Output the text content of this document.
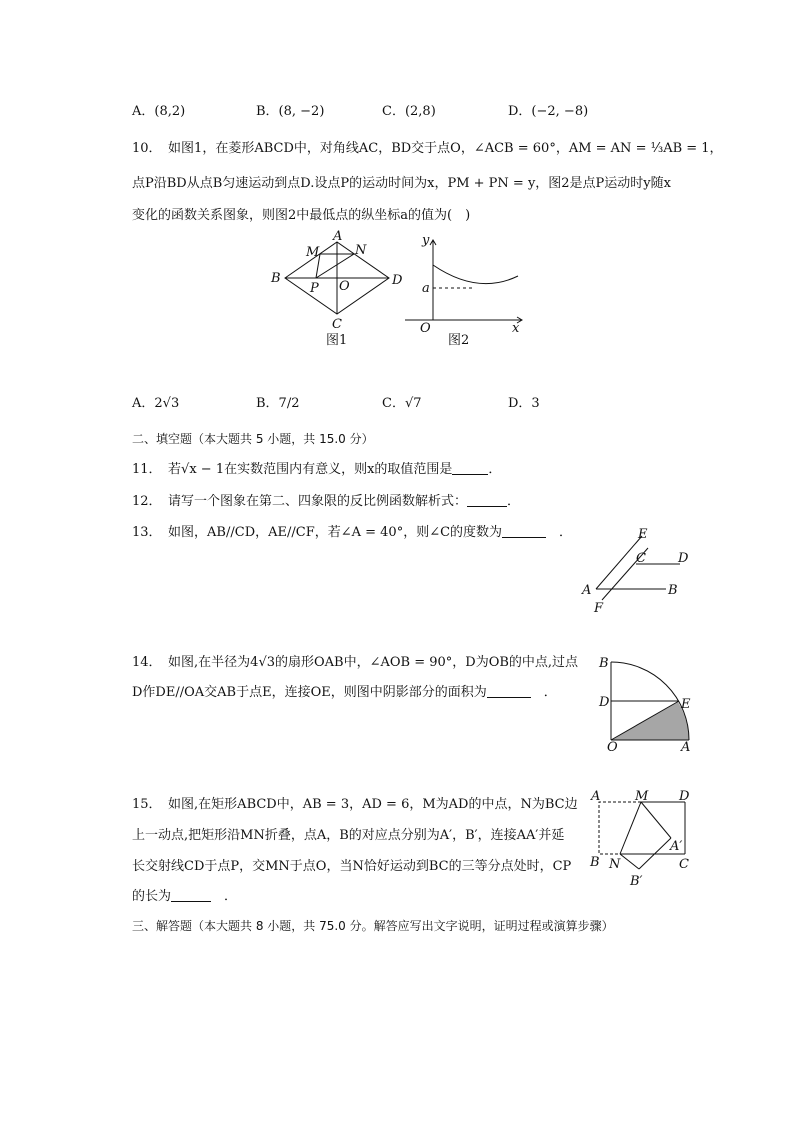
A．(8,2)	B．(8, −2)	C．(2,8)	D．(−2, −8)
10．　如图1，在菱形ABCD中，对角线AC，BD交于点O，∠ACB = 60°，AM = AN = ⅓AB = 1，
点P沿BD从点B匀速运动到点D.设点P的运动时间为x，PM + PN = y，图2是点P运动时y随x
变化的函数关系图象，则图2中最低点的纵坐标a的值为(　)
A
B	D
C
M	N
P O
图1
y
a
O	x
图2
A．2√3	B．7/2	C．√7	D．3
二、填空题（本大题共 5 小题，共 15.0 分）
11．　若√x − 1在实数范围内有意义，则x的取值范围是	．
12．　请写一个图象在第二、四象限的反比例函数解析式：	．
13．　如图，AB//CD，AE//CF，若∠A = 40°，则∠C的度数为	　．	E
C D
A	B
F
14．　如图,在半径为4√3的扇形OAB中，∠AOB = 90°，D为OB的中点,过点
D作DE//OA交AB于点E，连接OE，则图中阴影部分的面积为	　．
B
D	E
O	A
15．　如图,在矩形ABCD中，AB = 3，AD = 6，M为AD的中点，N为BC边
上一动点,把矩形沿MN折叠，点A，B的对应点分别为A′，B′，连接AA′并延
长交射线CD于点P，交MN于点O，当N恰好运动到BC的三等分点处时，CP
的长为	　．
A	M D
A′
B N	C
B′
三、解答题（本大题共 8 小题，共 75.0 分。解答应写出文字说明，证明过程或演算步骤）
